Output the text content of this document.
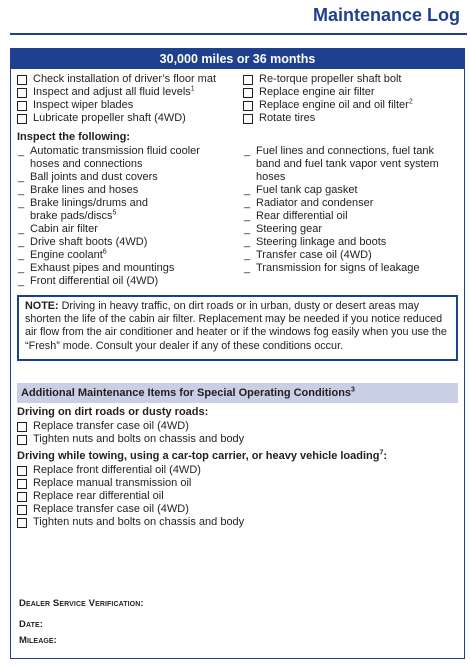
Maintenance Log
30,000 miles or 36 months
Check installation of driver’s floor mat
Inspect and adjust all fluid levels$^1$
Inspect wiper blades
Lubricate propeller shaft (4WD)
Re-torque propeller shaft bolt
Replace engine air filter
Replace engine oil and oil filter$^2$
Rotate tires
Inspect the following:
_ Automatic transmission fluid cooler
hoses and connections
_ Ball joints and dust covers
_ Brake lines and hoses
_ Brake linings/drums and
brake pads/discs$^5$
_ Cabin air filter
_ Drive shaft boots (4WD)
_ Engine coolant$^6$
_ Exhaust pipes and mountings
_ Front differential oil (4WD)
_ Fuel lines and connections, fuel tank
band and fuel tank vapor vent system
hoses
_ Fuel tank cap gasket
_ Radiator and condenser
_ Rear differential oil
_ Steering gear
_ Steering linkage and boots
_ Transfer case oil (4WD)
_ Transmission for signs of leakage
NOTE: Driving in heavy traffic, on dirt roads or in urban, dusty or desert areas may shorten the life of the cabin air filter. Replacement may be needed if you notice reduced air flow from the air conditioner and heater or if the windows fog easily when you use the “Fresh” mode. Consult your dealer if any of these conditions occur.
Additional Maintenance Items for Special Operating Conditions$^3$
Driving on dirt roads or dusty roads:
Replace transfer case oil (4WD)
Tighten nuts and bolts on chassis and body
Driving while towing, using a car-top carrier, or heavy vehicle loading$^7$:
Replace front differential oil (4WD)
Replace manual transmission oil
Replace rear differential oil
Replace transfer case oil (4WD)
Tighten nuts and bolts on chassis and body
Dealer Service Verification:
Date:
Mileage:
